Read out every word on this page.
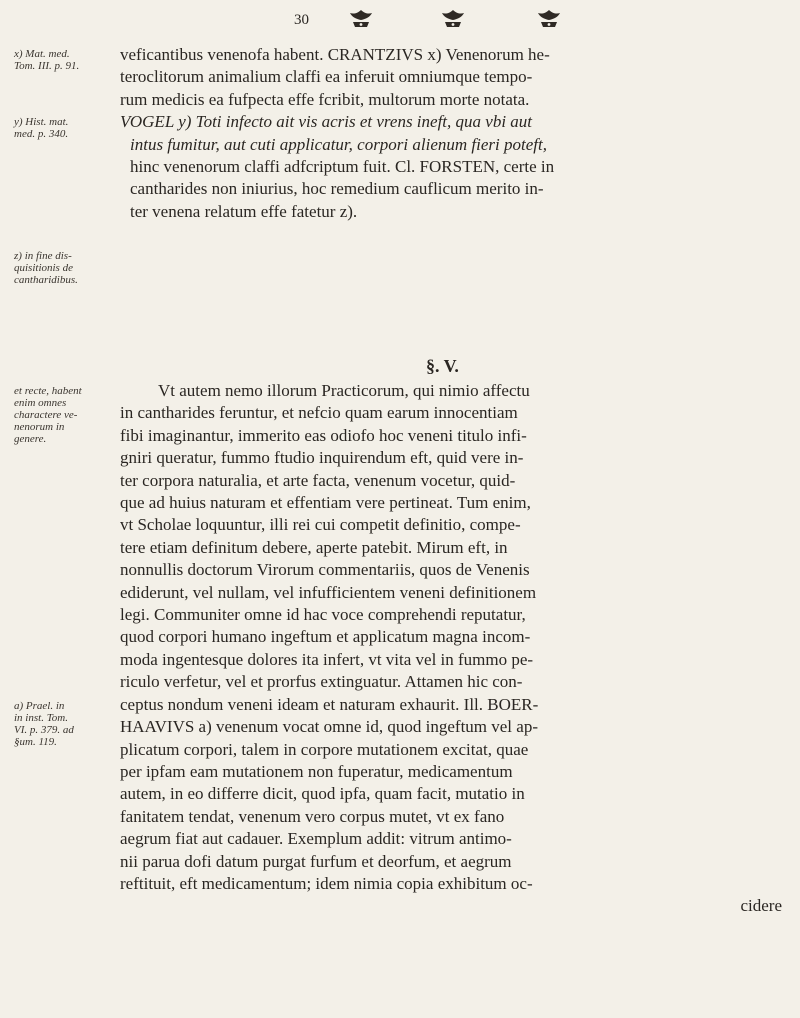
30
x) Mat. med.
Tom. III. p. 91.
y) Hist. mat.
med. p. 340.
z) in fine dis-
quisitionis de
cantharidibus.
et recte, habent
enim omnes
charactere ve-
nenorum in
genere.
a) Prael. in
in inst. Tom.
VI. p. 379. ad
§um. 119.
veficantibus venenofa habent. CRANTZIVS x) Venenorum he-
teroclitorum animalium claffi ea inferuit omniumque tempo-
rum medicis ea fufpecta effe fcribit, multorum morte notata.
VOGEL y) Toti infecto ait vis acris et vrens ineft, qua vbi aut
intus fumitur, aut cuti applicatur, corpori alienum fieri poteft,
hinc venenorum claffi adfcriptum fuit. Cl. FORSTEN, certe in
cantharides non iniurius, hoc remedium cauflicum merito in-
ter venena relatum effe fatetur z).
§. V.
Vt autem nemo illorum Practicorum, qui nimio affectu
in cantharides feruntur, et nefcio quam earum innocentiam
fibi imaginantur, immerito eas odiofo hoc veneni titulo infi-
gniri queratur, fummo ftudio inquirendum eft, quid vere in-
ter corpora naturalia, et arte facta, venenum vocetur, quid-
que ad huius naturam et effentiam vere pertineat. Tum enim,
vt Scholae loquuntur, illi rei cui competit definitio, compe-
tere etiam definitum debere, aperte patebit. Mirum eft, in
nonnullis doctorum Virorum commentariis, quos de Venenis
ediderunt, vel nullam, vel infufficientem veneni definitionem
legi. Communiter omne id hac voce comprehendi reputatur,
quod corpori humano ingeftum et applicatum magna incom-
moda ingentesque dolores ita infert, vt vita vel in fummo pe-
riculo verfetur, vel et prorfus extinguatur. Attamen hic con-
ceptus nondum veneni ideam et naturam exhaurit. Ill. BOER-
HAAVIVS a) venenum vocat omne id, quod ingeftum vel ap-
plicatum corpori, talem in corpore mutationem excitat, quae
per ipfam eam mutationem non fuperatur, medicamentum
autem, in eo differre dicit, quod ipfa, quam facit, mutatio in
fanitatem tendat, venenum vero corpus mutet, vt ex fano
aegrum fiat aut cadauer. Exemplum addit: vitrum antimo-
nii parua dofi datum purgat furfum et deorfum, et aegrum
reftituit, eft medicamentum; idem nimia copia exhibitum oc-
cidere
